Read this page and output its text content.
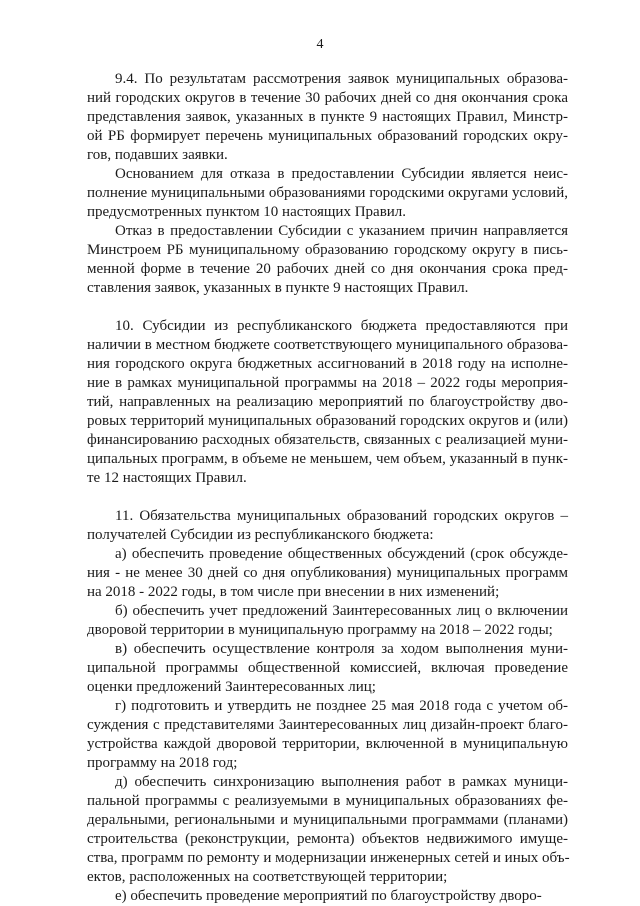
4
9.4. По результатам рассмотрения заявок муниципальных образова-
ний городских округов в течение 30 рабочих дней со дня окончания срока
представления заявок, указанных в пункте 9 настоящих Правил, Минстр-
ой РБ формирует перечень муниципальных образований городских окру-
гов, подавших заявки.
Основанием для отказа в предоставлении Субсидии является неис-
полнение муниципальными образованиями городскими округами условий,
предусмотренных пунктом 10 настоящих Правил.
Отказ в предоставлении Субсидии с указанием причин направляется
Минстроем РБ муниципальному образованию городскому округу в пись-
менной форме в течение 20 рабочих дней со дня окончания срока пред-
ставления заявок, указанных в пункте 9 настоящих Правил.
10. Субсидии из республиканского бюджета предоставляются при
наличии в местном бюджете соответствующего муниципального образова-
ния городского округа бюджетных ассигнований в 2018 году на исполне-
ние в рамках муниципальной программы на 2018 – 2022 годы мероприя-
тий, направленных на реализацию мероприятий по благоустройству дво-
ровых территорий муниципальных образований городских округов и (или)
финансированию расходных обязательств, связанных с реализацией муни-
ципальных программ, в объеме не меньшем, чем объем, указанный в пунк-
те 12 настоящих Правил.
11. Обязательства муниципальных образований городских округов –
получателей Субсидии из республиканского бюджета:
а) обеспечить проведение общественных обсуждений (срок обсужде-
ния - не менее 30 дней со дня опубликования) муниципальных программ
на 2018 - 2022 годы, в том числе при внесении в них изменений;
б) обеспечить учет предложений Заинтересованных лиц о включении
дворовой территории в муниципальную программу на 2018 – 2022 годы;
в) обеспечить осуществление контроля за ходом выполнения муни-
ципальной программы общественной комиссией, включая проведение
оценки предложений Заинтересованных лиц;
г) подготовить и утвердить не позднее 25 мая 2018 года с учетом об-
суждения с представителями Заинтересованных лиц дизайн-проект благо-
устройства каждой дворовой территории, включенной в муниципальную
программу на 2018 год;
д) обеспечить синхронизацию выполнения работ в рамках муници-
пальной программы с реализуемыми в муниципальных образованиях фе-
деральными, региональными и муниципальными программами (планами)
строительства (реконструкции, ремонта) объектов недвижимого имуще-
ства, программ по ремонту и модернизации инженерных сетей и иных объ-
ектов, расположенных на соответствующей территории;
е) обеспечить проведение мероприятий по благоустройству дворо-
